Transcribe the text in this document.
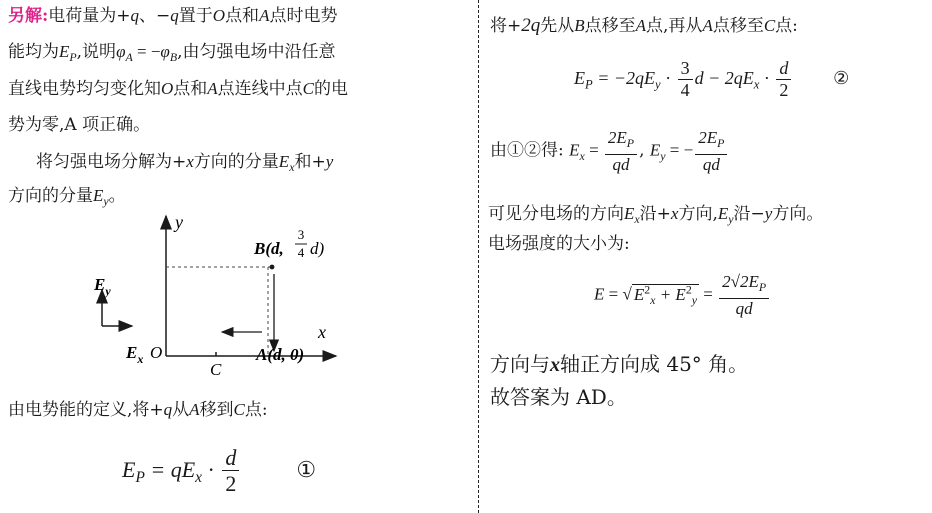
另解:电荷量为+q、−q置于O点和A点时电势
能均为$E_P$,说明$\varphi_A = -\varphi_B$,由匀强电场中沿任意
直线电势均匀变化知O点和A点连线中点C的电
势为零,A 项正确。
将匀强电场分解为+x方向的分量$E_x$和+y
方向的分量$E_y$。
y
x
O
C
A(d, 0)
B(d,
3
4 d)
$E_y$
$E_x$
由电势能的定义,将+q从A移到C点:
$E_P = qE_x \cdot \frac{d}{2}$	①
将+2q先从B点移至A点,再从A点移至C点:
$E_P = -2qE_y \cdot \frac{3}{4}$ $d - 2qE_x \cdot \frac{d}{2}$ ②
由①②得: $E_x = \frac{2E_P}{qd}$ , $E_y$ = − $\frac{2E_P}{qd}$
可见分电场的方向$E_x$沿+x方向$,E_y$沿−y方向。
电场强度的大小为:
E = √ $E^2_x + E^2_y = \frac{2√2E_P}{qd}$
方向与x轴正方向成 45° 角。
故答案为 AD。
